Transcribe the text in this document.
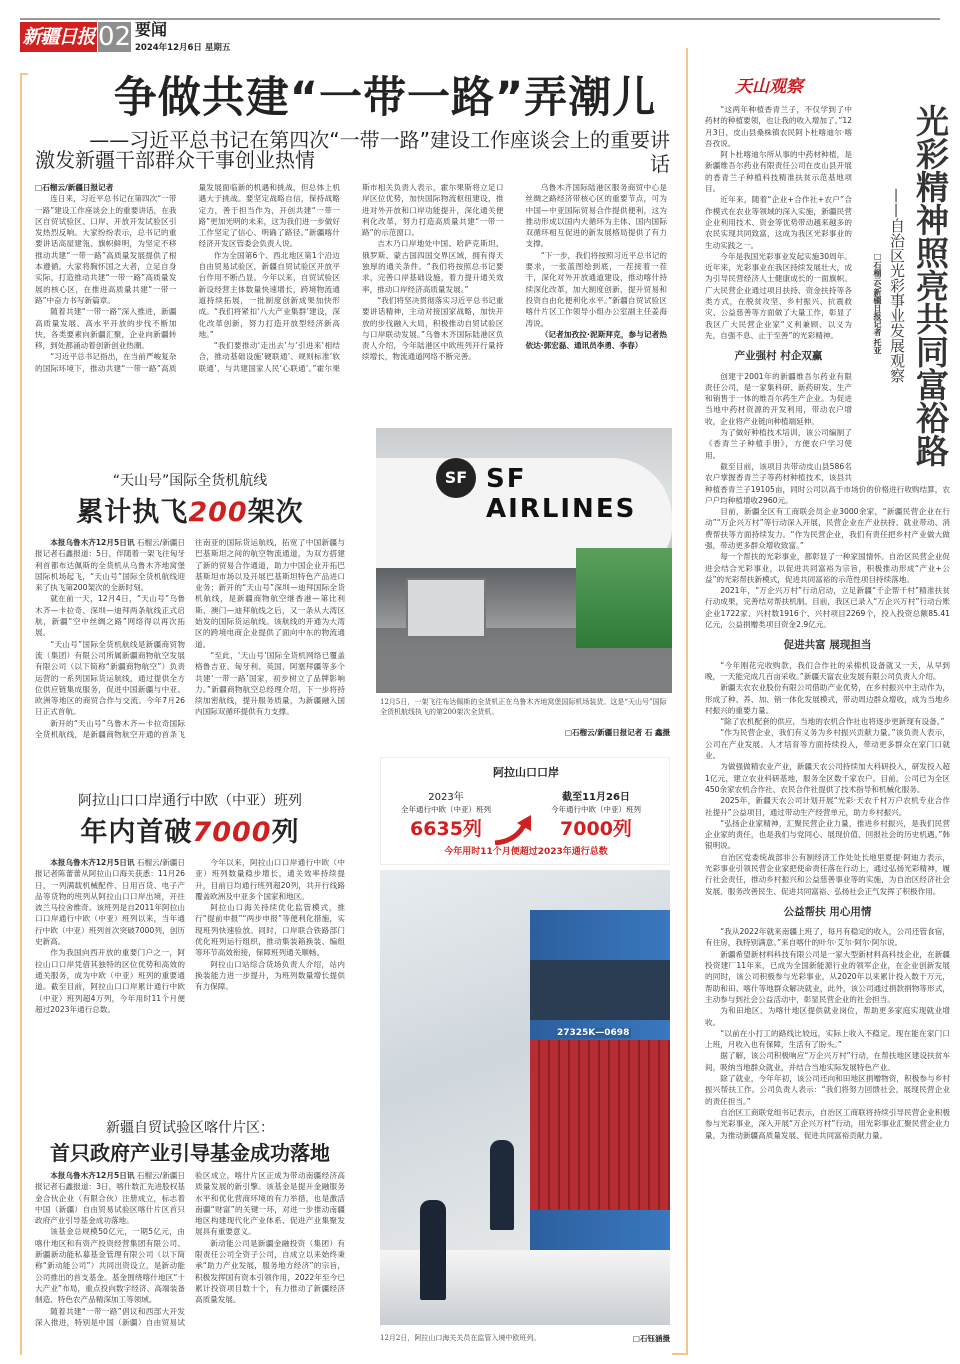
新疆日报 02 要闻
2024年12月6日 星期五
争做共建“一带一路”弄潮儿
——习近平总书记在第四次“一带一路”建设工作座谈会上的重要讲话
激发新疆干部群众干事创业热情

□石榴云/新疆日报记者

连日来，习近平总书记在第四次“一带一路”建设工作座谈会上的重要讲话，在我区自贸试验区、口岸、开放开发试验区引发热烈反响。大家纷纷表示，总书记的重要讲话高屋建瓴、旗帜鲜明，为坚定不移推动共建“一带一路”高质量发展提供了根本遵循。大家将胸怀国之大者，立足自身实际，打造推动共建“一带一路”高质量发展的核心区，在推进高质量共建“一带一路”中奋力书写新篇章。

随着共建“一带一路”深入推进，新疆高质量发展、高水平开放的步伐不断加快，各类要素向新疆汇聚，企业向新疆转移，到处都涌动着创新创业热潮。

“习近平总书记指出，在当前严峻复杂的国际环境下，推动共建“一带一路”高质量发展面临新的机遇和挑战，但总体上机遇大于挑战。要坚定战略自信，保持战略定力，善于担当作为，开创共建“一带一路”更加光明的未来，这为我们进一步做好工作坚定了信心、明确了路径。”新疆喀什经济开发区管委会负责人说。

作为全国第6个、西北地区第1个沿边自由贸易试验区，新疆自贸试验区开放平台作用不断凸显。今年以来，自贸试验区新设经营主体数量快速增长，跨境物流通道持续拓展，一批制度创新成果加快形成。“我们将紧扣‘八大产业集群’建设，深化改革创新，努力打造开放型经济新高地。”

“我们要推动‘走出去’与‘引进来’相结合，推动基础设施‘硬联通’、规则标准‘软联通’、与共建国家人民‘心联通’。”霍尔果斯市相关负责人表示，霍尔果斯将立足口岸区位优势，加快国际物流枢纽建设，推进对外开放和口岸功能提升，深化通关便利化改革，努力打造高质量共建“一带一路”的示范窗口。

吉木乃口岸地处中国、哈萨克斯坦、俄罗斯、蒙古国四国交界区域，拥有得天独厚的通关条件。“我们将按照总书记要求，完善口岸基础设施，着力提升通关效率，推动口岸经济高质量发展。”

“我们将坚决贯彻落实习近平总书记重要讲话精神，主动对接国家战略，加快开放的步伐融入大局，积极推动自贸试验区与口岸联动发展。”乌鲁木齐国际陆港区负责人介绍，今年陆港区中欧班列开行量持续增长，物流通道网络不断完善。

乌鲁木齐国际陆港区服务商贸中心是丝绸之路经济带核心区的重要节点，可为中国—中亚国际贸易合作提供便利，这为推动形成以国内大循环为主体、国内国际双循环相互促进的新发展格局提供了有力支撑。

“下一步，我们将按照习近平总书记的要求，一张蓝图绘到底，一茬接着一茬干，深化对外开放通道建设，推动喀什持续深化改革，加大制度创新，提升贸易和投资自由化便利化水平。”新疆自贸试验区喀什片区工作领导小组办公室副主任姜海涛说。

（记者加孜拉·泥斯拜克，参与记者热依达·郭宏磊、通讯员李勇、李春）

“天山号”国际全货机航线
累计执飞200架次

本报乌鲁木齐12月5日讯 石榴云/新疆日报记者石鑫报道：5日，伴随着一架飞往匈牙利首都布达佩斯的全货机从乌鲁木齐地窝堡国际机场起飞，“天山号”国际全货机航线迎来了执飞第200架次的全新时刻。

就在前一天，12月4日，“天山号”乌鲁木齐—卡拉奇、深圳—迪拜两条航线正式启航，新疆“空中丝绸之路”网络得以再次拓展。

“天山号”国际全货机航线是新疆商贸物流（集团）有限公司所属新疆商物航空发展有限公司（以下简称“新疆商物航空”）负责运营的一系列国际货运航线，通过提供全方位供应链集成服务，促进中国新疆与中亚、欧洲等地区的商贸合作与交流。今年7月26日正式首航。

新开的“天山号”乌鲁木齐—卡拉奇国际全货机航线，是新疆商物航空开通的首条飞往南亚的国际货运航线，拓宽了中国新疆与巴基斯坦之间的航空物流通道，为双方搭建了新的贸易合作通道，助力中国企业开拓巴基斯坦市场以及开展巴基斯坦特色产品进口业务；新开的“天山号”深圳—迪拜国际全货机航线，是新疆商物航空继香港—第比利斯、澳门—迪拜航线之后，又一条从大湾区始发的国际货运航线。该航线的开通为大湾区的跨境电商企业提供了面向中东的物流通道。

“至此，‘天山号’国际全货机网络已覆盖格鲁吉亚、匈牙利、英国、阿塞拜疆等多个共建‘一带一路’国家，初步树立了品牌影响力。”新疆商物航空总经理介绍，下一步将持续加密航线，提升服务质量，为新疆融入国内国际双循环提供有力支撑。

SF SF AIRLINES
12月5日，一架飞往布达佩斯的全货机正在乌鲁木齐地窝堡国际机场装货。这是“天山号”国际全货机航线执飞的第200架次全货机。
□石榴云/新疆日报记者 石 鑫摄
阿拉山口口岸通行中欧（中亚）班列
年内首破7000列

本报乌鲁木齐12月5日讯 石榴云/新疆日报记者陈蕾蕾从阿拉山口海关获悉：11月26日，一列满载机械配件、日用百货、电子产品等货物的班列从阿拉山口口岸出境，开往波兰马拉舍维奇。该班列是自2011年阿拉山口口岸通行中欧（中亚）班列以来，当年通行中欧（中亚）班列首次突破7000列，创历史新高。

作为我国向西开放的重要门户之一，阿拉山口口岸凭借其独特的区位优势和高效的通关服务，成为中欧（中亚）班列的重要通道。截至目前，阿拉山口口岸累计通行中欧（中亚）班列超4万列，今年用时11个月便超过2023年通行总数。

今年以来，阿拉山口口岸通行中欧（中亚）班列数量稳步增长，通关效率持续提升，目前日均通行班列超20列，共开行线路覆盖欧洲及中亚多个国家和地区。

阿拉山口海关持续优化监管模式，推行“提前申报”“两步申报”等便利化措施，实现班列快速验放。同时，口岸联合铁路部门优化班列运行组织，推动集装箱换装、编组等环节高效衔接，保障班列通关顺畅。

阿拉山口站综合货场负责人介绍，站内换装能力进一步提升，为班列数量增长提供有力保障。

阿拉山口口岸
2023年
全年通行中欧（中亚）班列
6635列
截至11月26日
今年通行中欧（中亚）班列
7000列
今年用时11个月便超过2023年通行总数
27325K—0698
12月2日，阿拉山口海关关员在监管入境中欧班列。	□石钰涵摄
新疆自贸试验区喀什片区：
首只政府产业引导基金成功落地

本报乌鲁木齐12月5日讯 石榴云/新疆日报记者石鑫报道：3日，喀什数汇先进股权基金合伙企业（有限合伙）注册成立，标志着中国（新疆）自由贸易试验区喀什片区首只政府产业引导基金成功落地。

该基金总规模50亿元，一期5亿元，由喀什地区和有资产投资经营集团有限公司、新疆新动能私募基金管理有限公司（以下简称“新动能公司”）共同出资设立，是新动能公司推出的首支基金。基金围绕喀什地区“十大产业”布局，重点投向数字经济、高端装备制造、特色农产品精深加工等领域。

随着共建“一带一路”倡议和西部大开发深入推进，特别是中国（新疆）自由贸易试验区成立，喀什片区正成为带动南疆经济高质量发展的新引擎。该基金是提升金融服务水平和优化营商环境的有力举措，也是激活南疆“财富”的关键一环，对进一步推动南疆地区构建现代化产业体系、促进产业集聚发展具有重要意义。

新动能公司是新疆金融投资（集团）有限责任公司全资子公司，自成立以来始终秉承“助力产业发展，服务地方经济”的宗旨，积极发挥国有资本引领作用，2022年至今已累计投资项目数十个，有力推动了新疆经济高质量发展。

天山观察
光彩精神照亮共同富裕路
——自治区光彩事业发展观察
□石榴云/新疆日报记者 托亚

“这两年种植香青兰子，不仅学到了中药材的种植要领，也让我的收入增加了。”12月3日，皮山县桑株镇农民阿卜杜喀迪尔·喀吾孜说。

阿卜杜喀迪尔所从事的中药材种植，是新疆维吾尔药业有限责任公司在皮山县开展的香青兰子种植科技精准扶贫示范基地项目。

近年来，随着“企业+合作社+农户”合作模式在农业等领域的深入实施，新疆民营企业利用技术、资金等优势带动越来越多的农民实现共同致富，这成为我区光彩事业的生动实践之一。

今年是我国光彩事业发起实施30周年。近年来，光彩事业在我区持续发展壮大，成为引导民营经济人士健康成长的一面旗帜。广大民营企业通过项目扶持、资金扶持等各类方式，在脱贫攻坚、乡村振兴、抗震救灾、公益慈善等方面做了大量工作，彰显了我区广大民营企业家“义利兼顾、以义为先，自强不息、止于至善”的光彩精神。

产业强村 村企双赢

创建于2001年的新疆维吾尔药业有限责任公司，是一家集科研、新药研发、生产和销售于一体的维吾尔药生产企业。为促进当地中药材资源的开发利用，带动农户增收，企业将产业链向种植端延伸。

为了做好种植技术培训，该公司编制了《香青兰子种植手册》，方便农户学习使用。

截至目前，该项目共带动皮山县586名农户掌握香青兰子等药材种植技术，该县共种植香青兰子19105亩，同时公司以高于市场价的价格进行收购结算，农户户均种植增收2960元。

目前，新疆全区有工商联会员企业3000余家，“新疆民营企业在行动”“万企兴万村”等行动深入开展，民营企业在产业扶持、就业带动、消费帮扶等方面持续发力。“作为民营企业，我们有责任把乡村产业做大做强，带动更多群众增收致富。”

每一个帮扶的光彩事业，都彰显了一种家国情怀。自治区民营企业促进会结合光彩事业，以促进共同富裕为宗旨，积极推动形成“产业+公益”的光彩帮扶新模式，促进共同富裕的示范性项目持续落地。

2021年，“万企兴万村”行动启动，立足新疆“千企帮千村”精准扶贫行动成果，完善结对帮扶机制。目前，我区已录入“万企兴万村”行动台账企业1722家、兴村数1916个、兴村项目2269个，投入投资总额85.41亿元，公益捐赠类项目资金2.9亿元。

促进共富 展现担当

“今年刚花完收购款，我们合作社的采棉机设备就又一天，从早到晚，一天能完成几百亩采收。”新疆天富农业发展有限公司负责人介绍。

新疆天农农业股份有限公司借助产业优势，在乡村振兴中主动作为，形成了种、养、加、销一体化发展模式，带动周边群众增收，成为当地乡村振兴的重要力量。

“除了农机配套的供应，当地的农机合作社也将逐步更新现有设备。”

“作为民营企业，我们有义务为乡村振兴贡献力量。”该负责人表示，公司在产业发展、人才培育等方面持续投入，带动更多群众在家门口就业。

为做强做精农业产业，新疆天农公司持续加大科研投入，研发投入超1亿元，建立农业科研基地，服务全区数千家农户。目前，公司已为全区450余家农机合作社、农民合作社提供了技术指导和机械化服务。

2025年，新疆天农公司计划开展“光彩·天农千村万户农机专业合作社提升”公益项目，通过带动生产经营单元，助力乡村振兴。

“弘扬企业家精神，汇聚民营企业力量，推进乡村振兴，是我们民营企业家的责任，也是我们与党同心、展现价值、回报社会的历史机遇。”韩银明说。

自治区党委统战部非公有制经济工作处处长地里夏提·阿迪力表示，光彩事业引领民营企业家把使命责任落在行动上，通过弘扬光彩精神，履行社会责任，推动乡村振兴和公益慈善事业等的实施，为自治区经济社会发展、服务改善民生、促进共同富裕、弘扬社会正气发挥了积极作用。

公益帮扶 用心用情

“我从2022年就来南疆上班了，每月有稳定的收入，公司还管食宿，有住房，我特别满意。”来自喀什的叶尔·艾尔·阿尔·阿尔说。

新疆希望新材料科技有限公司是一家大型新材料高科技企业，在新疆投资建厂11年来，已成为全国新能源行业的领军企业，在企业创新发展的同时，该公司积极参与光彩事业，从2020年以来累计投入数千万元，帮助和田、喀什等地群众解决就业，此外，该公司通过捐款捐物等形式，主动参与到社会公益活动中，彰显民营企业的社会担当。

为和田地区、为喀什地区提供就业岗位，帮助更多家庭实现就业增收。

“以前在小打工的路线比较远，实际上收入不稳定。现在能在家门口上班，月收入也有保障，生活有了盼头。”

据了解，该公司积极响应“万企兴万村”行动，在帮扶地区建设扶贫车间，吸纳当地群众就业，并结合当地实际发展特色产业。

除了就业，今年年初，该公司还向和田地区捐赠物资，积极参与乡村振兴帮扶工作。公司负责人表示：“我们将努力回馈社会，展现民营企业的责任担当。”

自治区工商联党组书记表示，自治区工商联将持续引导民营企业积极参与光彩事业，深入开展“万企兴万村”行动，用光彩事业汇聚民营企业力量，为推动新疆高质量发展、促进共同富裕贡献力量。
